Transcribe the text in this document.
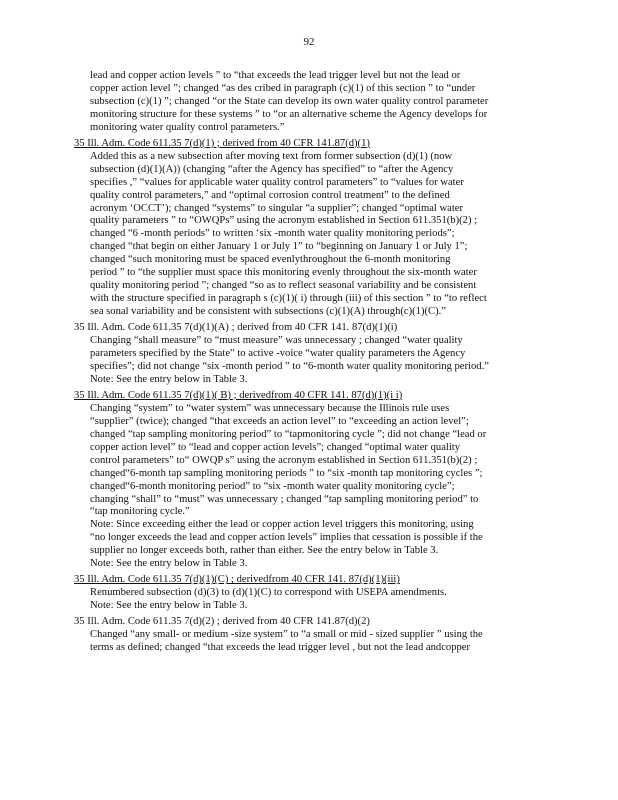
92
lead and copper action levels ” to “that exceeds the lead trigger level but not the lead or
copper action level ”; changed “as des cribed in paragraph (c)(1) of this section ” to “under
subsection (c)(1) ”; changed “or the State can develop its own water quality control parameter
monitoring structure for these systems ” to “or an alternative scheme the Agency develops for
monitoring water quality control parameters.”
35 Ill. Adm. Code 611.35 7(d)(1) ; derived from 40 CFR 141.87(d)(1)
Added this as a new subsection after moving text from former subsection (d)(1) (now
subsection (d)(1)(A)) (changing “after the Agency has specified” to “after the Agency
specifies ,” “values for applicable water quality control parameters” to “values for water
quality control parameters,” and “optimal corrosion control treatment” to the defined
acronym ‘OCCT’); changed “systems” to singular “a supplier”; changed “optimal water
quality parameters ” to “OWQPs” using the acronym established in Section 611.351(b)(2) ;
changed “6 -month periods” to written ‘six -month water quality monitoring periods”;
changed “that begin on either January 1 or July 1” to “beginning on January 1 or July 1”;
changed “such monitoring must be spaced evenlythroughout the 6-month monitoring
period ” to “the supplier must space this monitoring evenly throughout the six-month water
quality monitoring period ”; changed “so as to reflect seasonal variability and be consistent
with the structure specified in paragraph s (c)(1)( i) through (iii) of this section ” to “to reflect
sea sonal variability and be consistent with subsections (c)(1)(A) through(c)(1)(C).”
35 Ill. Adm. Code 611.35 7(d)(1)(A) ; derived from 40 CFR 141. 87(d)(1)(i)
Changing “shall measure” to “must measure” was unnecessary ; changed “water quality
parameters specified by the State” to active -voice “water quality parameters the Agency
specifies”; did not change “six -month period ” to “6-month water quality monitoring period.”
Note: See the entry below in Table 3.
35 Ill. Adm. Code 611.35 7(d)(1)( B) ; derivedfrom 40 CFR 141. 87(d)(1)(i i)
Changing “system” to “water system” was unnecessary because the Illinois rule uses
“supplier” (twice); changed “that exceeds an action level” to “exceeding an action level”;
changed “tap sampling monitoring period” to “tapmonitoring cycle ”; did not change “lead or
copper action level” to “lead and copper action levels”; changed “optimal water quality
control parameters” to“ OWQP s” using the acronym established in Section 611.351(b)(2) ;
changed“6-month tap sampling monitoring periods ” to “six -month tap monitoring cycles ”;
changed“6-month monitoring period” to “six -month water quality monitoring cycle”;
changing “shall” to “must” was unnecessary ; changed “tap sampling monitoring period” to
“tap monitoring cycle.”
Note: Since exceeding either the lead or copper action level triggers this monitoring, using
“no longer exceeds the lead and copper action levels” implies that cessation is possible if the
supplier no longer exceeds both, rather than either. See the entry below in Table 3.
Note: See the entry below in Table 3.
35 Ill. Adm. Code 611.35 7(d)(1)(C) ; derivedfrom 40 CFR 141. 87(d)(1)(iii)
Renumbered subsection (d)(3) to (d)(1)(C) to correspond with USEPA amendments.
Note: See the entry below in Table 3.
35 Ill. Adm. Code 611.35 7(d)(2) ; derived from 40 CFR 141.87(d)(2)
Changed “any small- or medium -size system” to “a small or mid - sized supplier ” using the
terms as defined; changed “that exceeds the lead trigger level , but not the lead andcopper
